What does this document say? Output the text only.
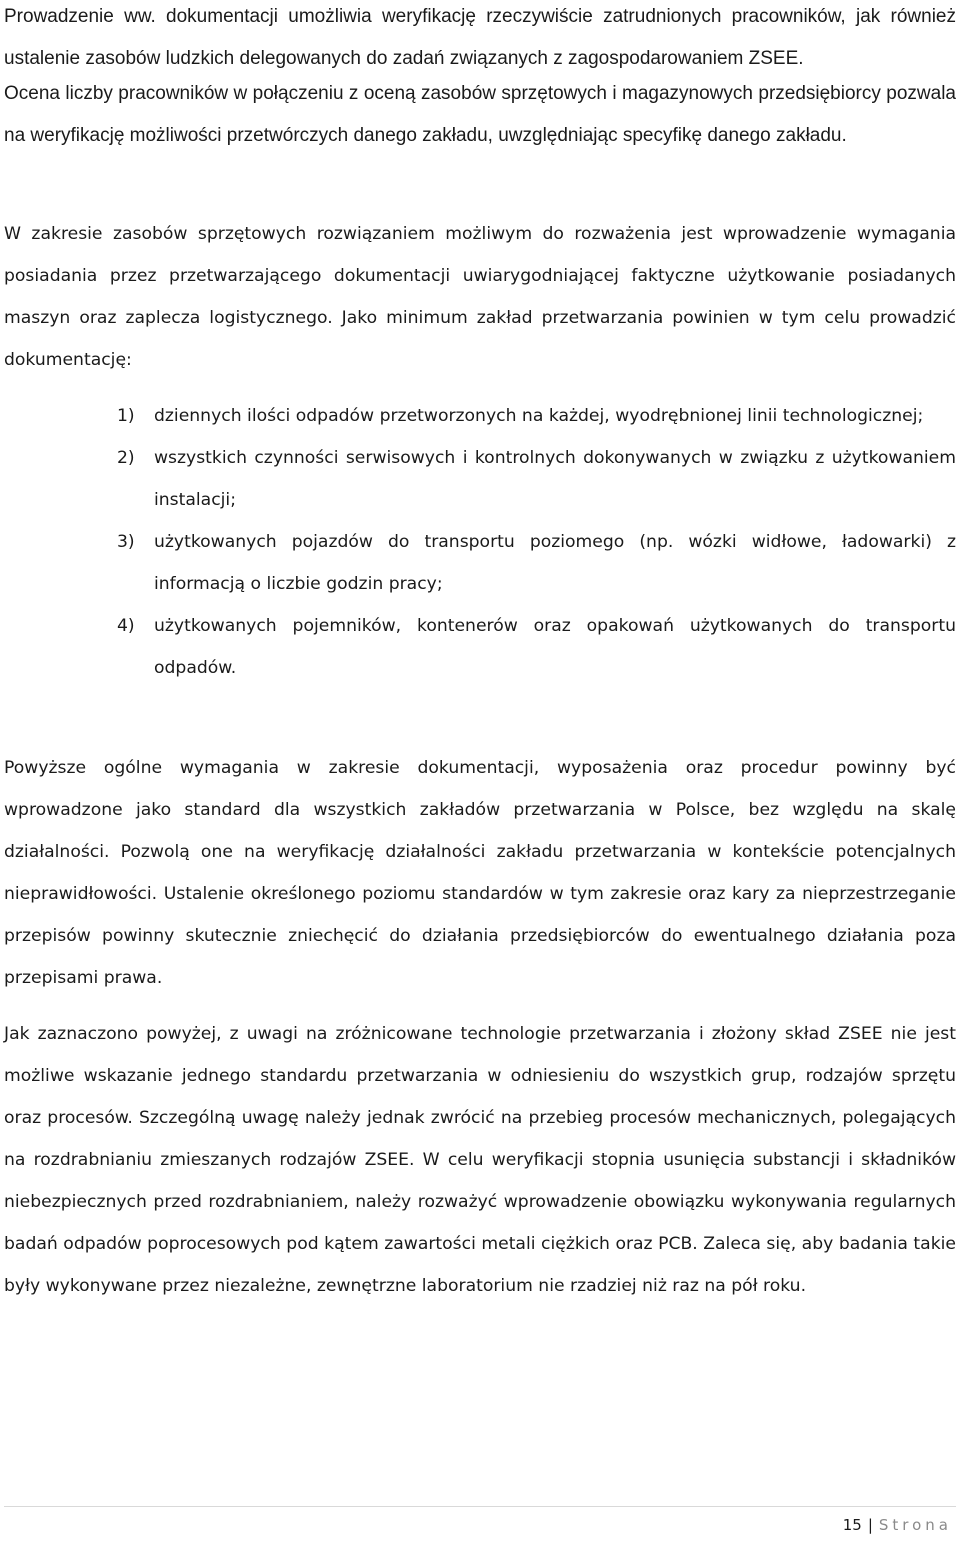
Prowadzenie ww. dokumentacji umożliwia weryfikację rzeczywiście zatrudnionych pracowników, jak również ustalenie zasobów ludzkich delegowanych do zadań związanych z zagospodarowaniem ZSEE.

Ocena liczby pracowników w połączeniu z oceną zasobów sprzętowych i magazynowych przedsiębiorcy pozwala na weryfikację możliwości przetwórczych danego zakładu, uwzględniając specyfikę danego zakładu.

W zakresie zasobów sprzętowych rozwiązaniem możliwym do rozważenia jest wprowadzenie wymagania posiadania przez przetwarzającego dokumentacji uwiarygodniającej faktyczne użytkowanie posiadanych maszyn oraz zaplecza logistycznego. Jako minimum zakład przetwarzania powinien w tym celu prowadzić dokumentację:

1) dziennych ilości odpadów przetworzonych na każdej, wyodrębnionej linii technologicznej;
2) wszystkich czynności serwisowych i kontrolnych dokonywanych w związku z użytkowaniem instalacji;
3) użytkowanych pojazdów do transportu poziomego (np. wózki widłowe, ładowarki) z informacją o liczbie godzin pracy;
4) użytkowanych pojemników, kontenerów oraz opakowań użytkowanych do transportu odpadów.

Powyższe ogólne wymagania w zakresie dokumentacji, wyposażenia oraz procedur powinny być wprowadzone jako standard dla wszystkich zakładów przetwarzania w Polsce, bez względu na skalę działalności. Pozwolą one na weryfikację działalności zakładu przetwarzania w kontekście potencjalnych nieprawidłowości. Ustalenie określonego poziomu standardów w tym zakresie oraz kary za nieprzestrzeganie przepisów powinny skutecznie zniechęcić do działania przedsiębiorców do ewentualnego działania poza przepisami prawa.

Jak zaznaczono powyżej, z uwagi na zróżnicowane technologie przetwarzania i złożony skład ZSEE nie jest możliwe wskazanie jednego standardu przetwarzania w odniesieniu do wszystkich grup, rodzajów sprzętu oraz procesów. Szczególną uwagę należy jednak zwrócić na przebieg procesów mechanicznych, polegających na rozdrabnianiu zmieszanych rodzajów ZSEE. W celu weryfikacji stopnia usunięcia substancji i składników niebezpiecznych przed rozdrabnianiem, należy rozważyć wprowadzenie obowiązku wykonywania regularnych badań odpadów poprocesowych pod kątem zawartości metali ciężkich oraz PCB. Zaleca się, aby badania takie były wykonywane przez niezależne, zewnętrzne laboratorium nie rzadziej niż raz na pół roku.

15 | Strona
